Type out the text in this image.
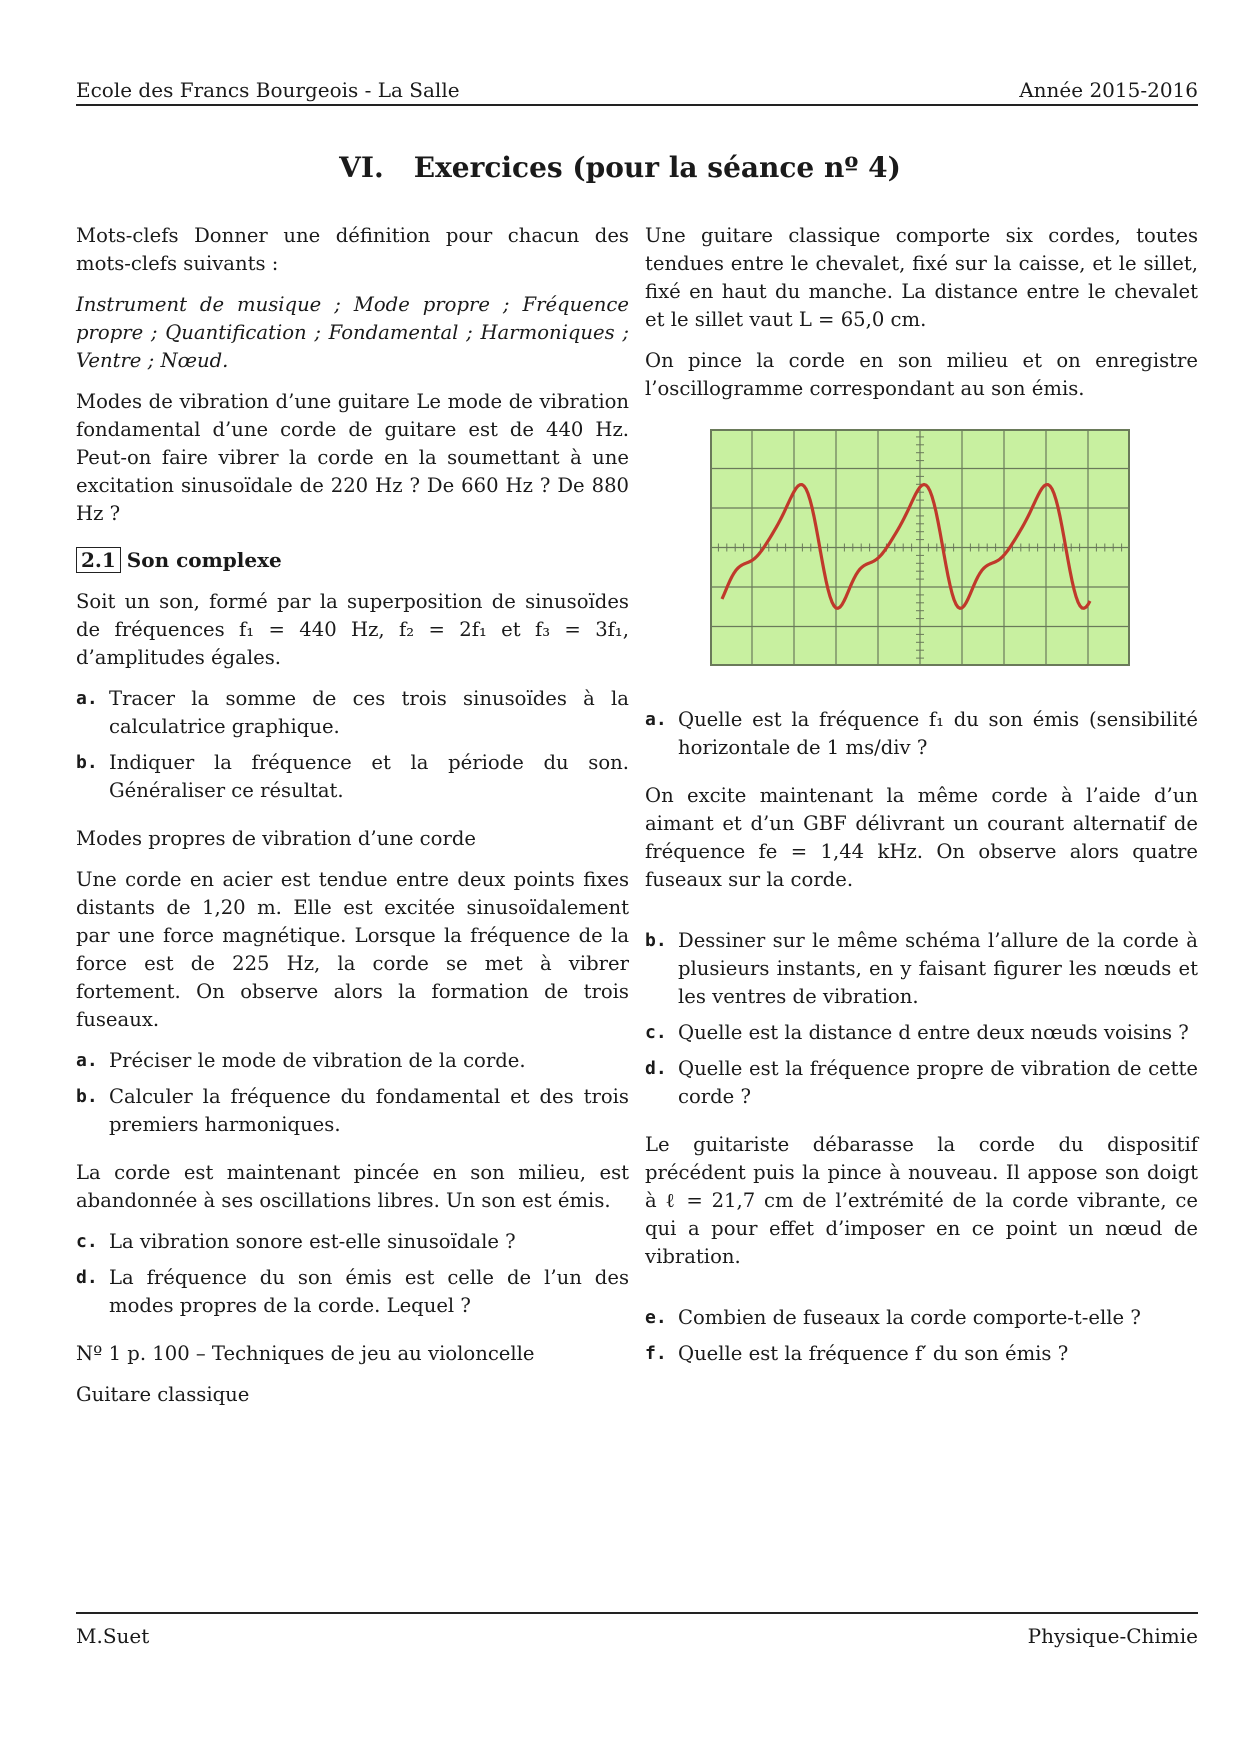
Ecole des Francs Bourgeois - La Salle	Année 2015-2016
VI. Exercices (pour la séance nº 4)

Mots-clefs Donner une définition pour chacun des mots-clefs suivants :

Instrument de musique ; Mode propre ; Fréquence propre ; Quantification ; Fondamental ; Harmoniques ; Ventre ; Nœud.

Modes de vibration d’une guitare Le mode de vibration fondamental d’une corde de guitare est de 440 Hz. Peut-on faire vibrer la corde en la soumettant à une excitation sinusoïdale de 220 Hz ? De 660 Hz ? De 880 Hz ?

2.1 Son complexe

Soit un son, formé par la superposition de sinusoïdes de fréquences f₁ = 440 Hz, f₂ = 2f₁ et f₃ = 3f₁, d’amplitudes égales.

a. Tracer la somme de ces trois sinusoïdes à la calculatrice graphique.
b. Indiquer la fréquence et la période du son. Généraliser ce résultat.

Modes propres de vibration d’une corde

Une corde en acier est tendue entre deux points fixes distants de 1,20 m. Elle est excitée sinusoïdalement par une force magnétique. Lorsque la fréquence de la force est de 225 Hz, la corde se met à vibrer fortement. On observe alors la formation de trois fuseaux.

a. Préciser le mode de vibration de la corde.
b. Calculer la fréquence du fondamental et des trois premiers harmoniques.

La corde est maintenant pincée en son milieu, est abandonnée à ses oscillations libres. Un son est émis.

c. La vibration sonore est-elle sinusoïdale ?
d. La fréquence du son émis est celle de l’un des modes propres de la corde. Lequel ?

Nº 1 p. 100 – Techniques de jeu au violoncelle

Guitare classique

Une guitare classique comporte six cordes, toutes tendues entre le chevalet, fixé sur la caisse, et le sillet, fixé en haut du manche. La distance entre le chevalet et le sillet vaut L = 65,0 cm.

On pince la corde en son milieu et on enregistre l’oscillogramme correspondant au son émis.

a. Quelle est la fréquence f₁ du son émis (sensibilité horizontale de 1 ms/div ?

On excite maintenant la même corde à l’aide d’un aimant et d’un GBF délivrant un courant alternatif de fréquence fe = 1,44 kHz. On observe alors quatre fuseaux sur la corde.

b. Dessiner sur le même schéma l’allure de la corde à plusieurs instants, en y faisant figurer les nœuds et les ventres de vibration.
c. Quelle est la distance d entre deux nœuds voisins ?
d. Quelle est la fréquence propre de vibration de cette corde ?

Le guitariste débarasse la corde du dispositif précédent puis la pince à nouveau. Il appose son doigt à ℓ = 21,7 cm de l’extrémité de la corde vibrante, ce qui a pour effet d’imposer en ce point un nœud de vibration.

e. Combien de fuseaux la corde comporte-t-elle ?
f. Quelle est la fréquence f′ du son émis ?
M.Suet	Physique-Chimie
